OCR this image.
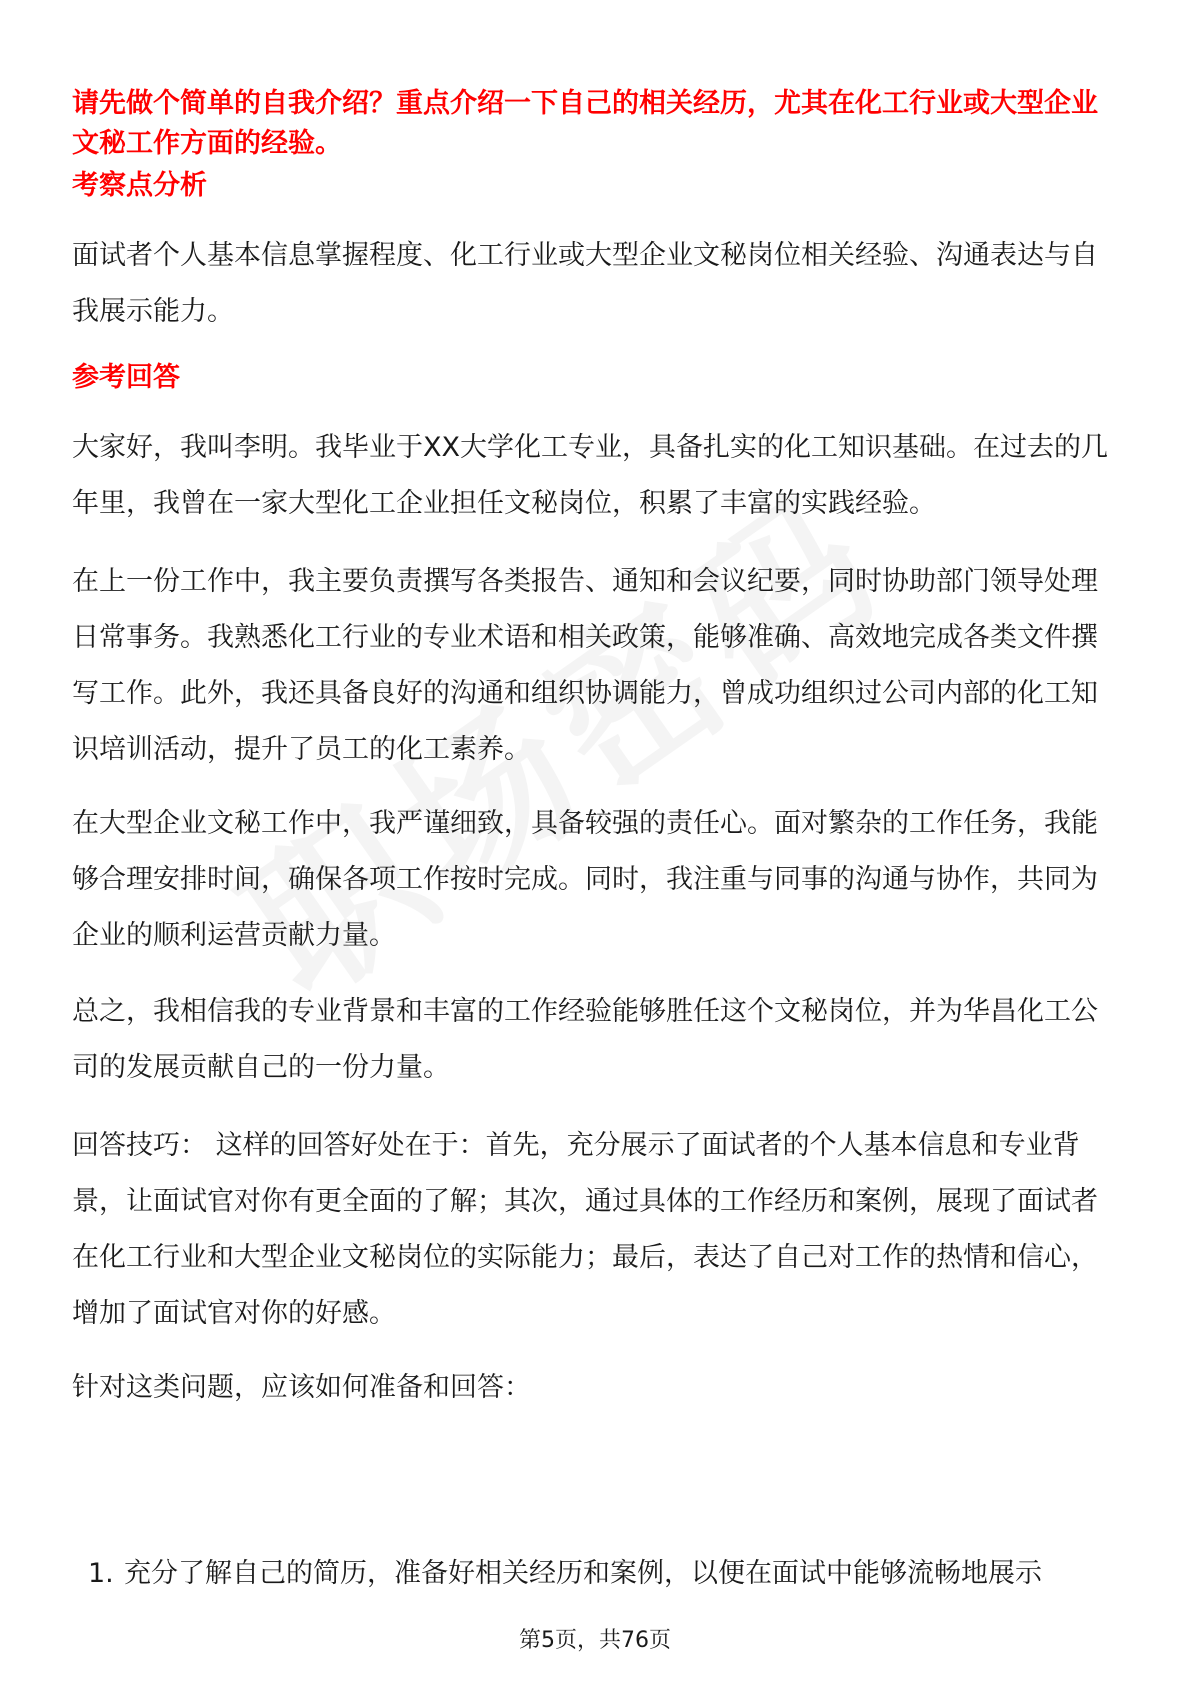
请先做个简单的自我介绍？重点介绍一下自己的相关经历，尤其在化工行业或大型企业文秘工作方面的经验。
考察点分析
面试者个人基本信息掌握程度、化工行业或大型企业文秘岗位相关经验、沟通表达与自我展示能力。
参考回答
大家好，我叫李明。我毕业于XX大学化工专业，具备扎实的化工知识基础。在过去的几年里，我曾在一家大型化工企业担任文秘岗位，积累了丰富的实践经验。
在上一份工作中，我主要负责撰写各类报告、通知和会议纪要，同时协助部门领导处理日常事务。我熟悉化工行业的专业术语和相关政策，能够准确、高效地完成各类文件撰写工作。此外，我还具备良好的沟通和组织协调能力，曾成功组织过公司内部的化工知识培训活动，提升了员工的化工素养。
在大型企业文秘工作中，我严谨细致，具备较强的责任心。面对繁杂的工作任务，我能够合理安排时间，确保各项工作按时完成。同时，我注重与同事的沟通与协作，共同为企业的顺利运营贡献力量。
总之，我相信我的专业背景和丰富的工作经验能够胜任这个文秘岗位，并为华昌化工公司的发展贡献自己的一份力量。
回答技巧： 这样的回答好处在于：首先，充分展示了面试者的个人基本信息和专业背景，让面试官对你有更全面的了解；其次，通过具体的工作经历和案例，展现了面试者在化工行业和大型企业文秘岗位的实际能力；最后，表达了自己对工作的热情和信心，增加了面试官对你的好感。
针对这类问题，应该如何准备和回答：
1. 充分了解自己的简历，准备好相关经历和案例，以便在面试中能够流畅地展示
第5页，共76页
